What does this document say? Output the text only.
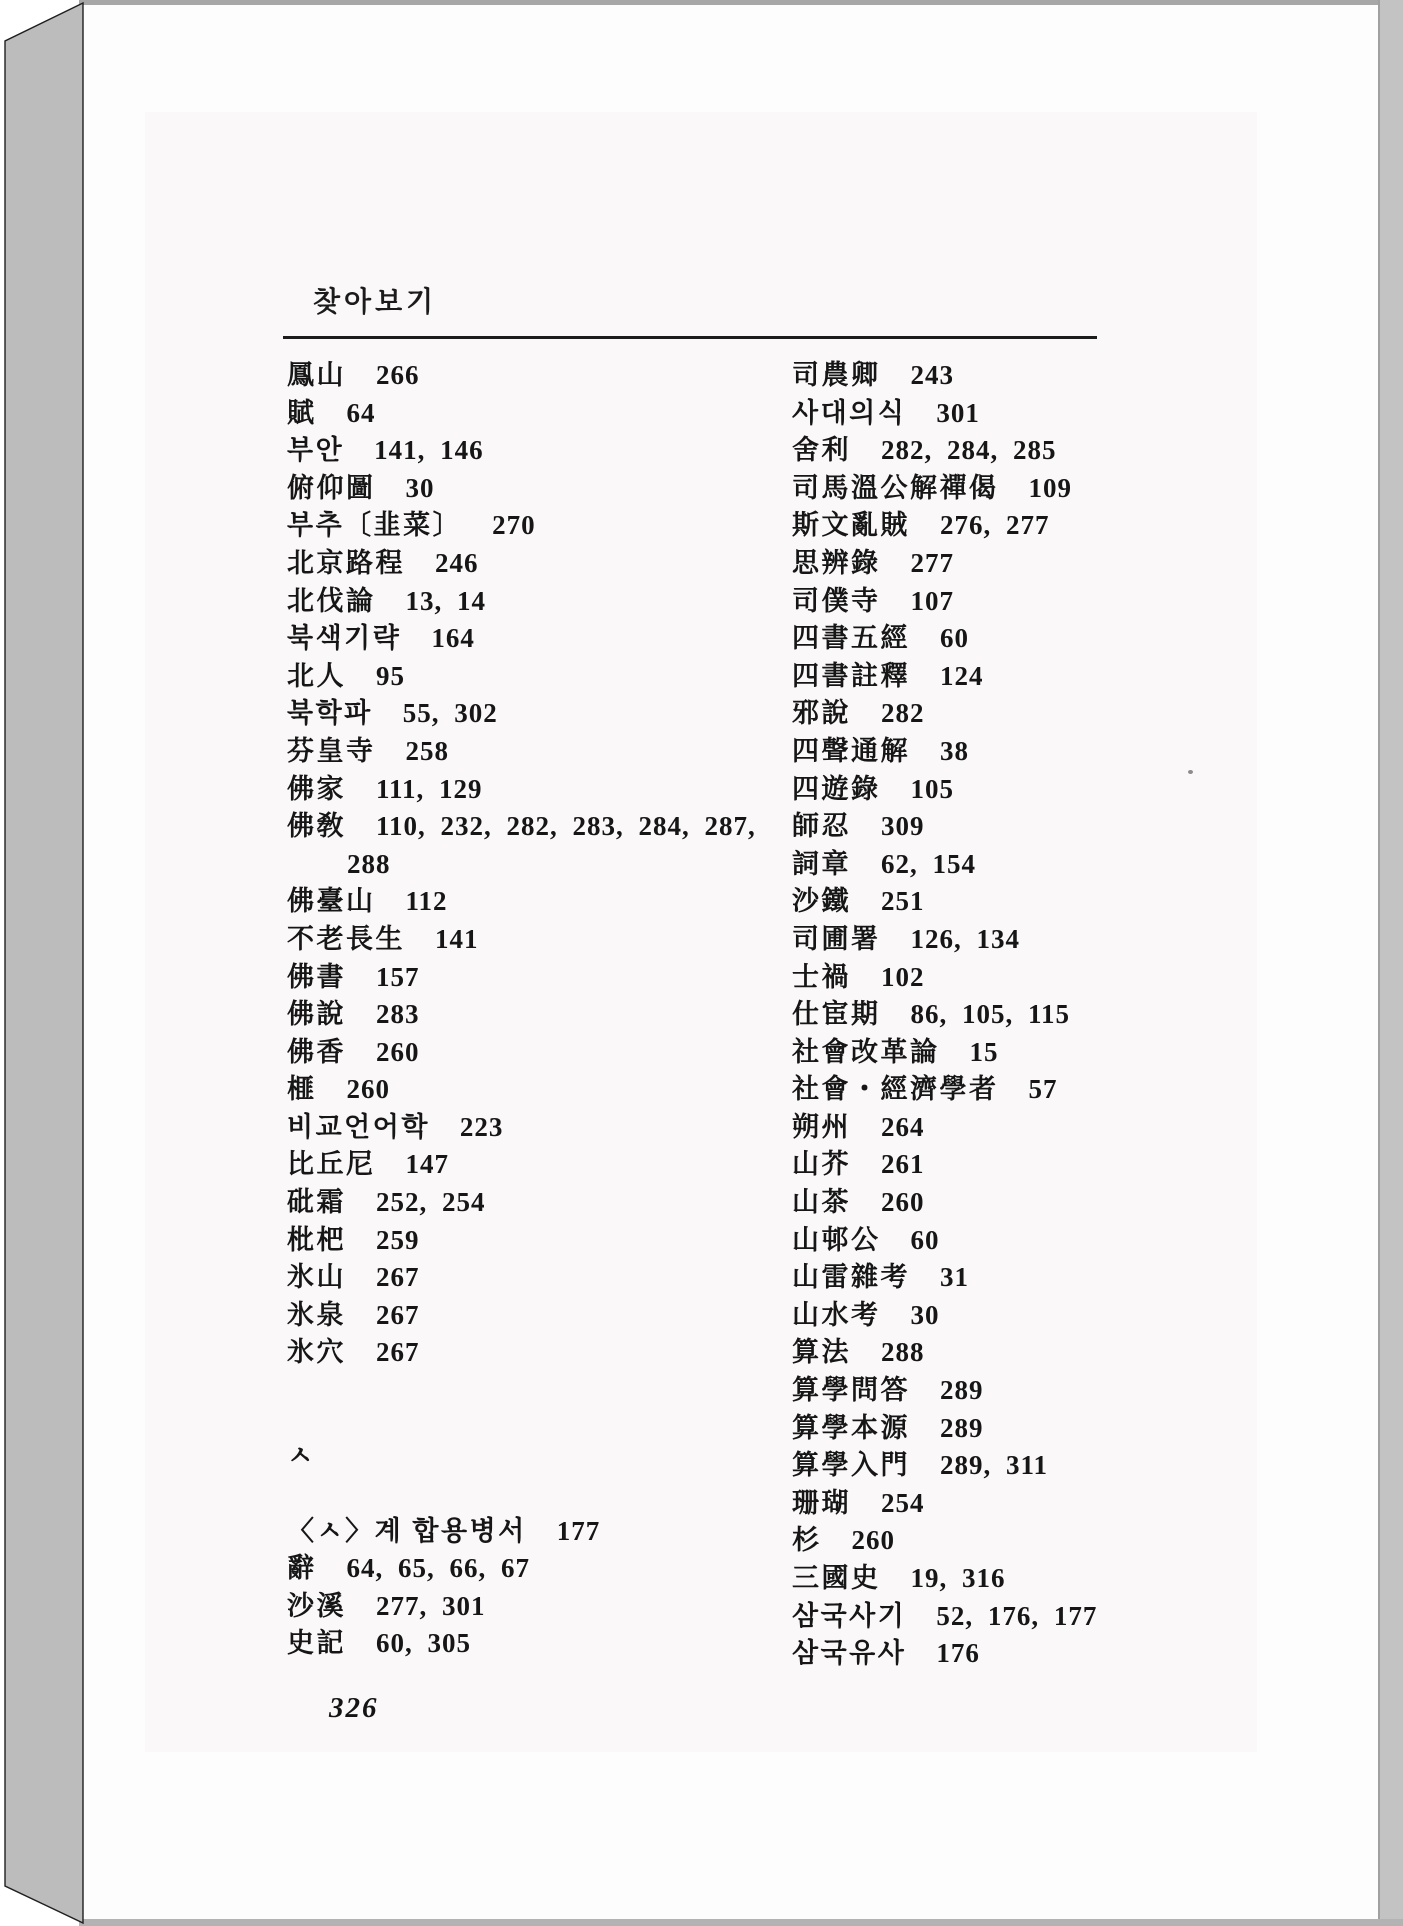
찾아보기
鳳山 266
賦 64
부안 141, 146
俯仰圖 30
부추〔韭菜〕 270
北京路程 246
北伐論 13, 14
북색기략 164
北人 95
북학파 55, 302
芬皇寺 258
佛家 111, 129
佛敎 110, 232, 282, 283, 284, 287,
288
佛臺山 112
不老長生 141
佛書 157
佛說 283
佛香 260
榧 260
비교언어학 223
比丘尼 147
砒霜 252, 254
枇杷 259
氷山 267
氷泉 267
氷穴 267
ㅅ
〈ㅅ〉계 합용병서 177
辭 64, 65, 66, 67
沙溪 277, 301
史記 60, 305
司農卿 243
사대의식 301
舍利 282, 284, 285
司馬溫公解禪偈 109
斯文亂賊 276, 277
思辨錄 277
司僕寺 107
四書五經 60
四書註釋 124
邪說 282
四聲通解 38
四遊錄 105
師忍 309
詞章 62, 154
沙鐵 251
司圃署 126, 134
士禍 102
仕宦期 86, 105, 115
社會改革論 15
社會・經濟學者 57
朔州 264
山芥 261
山茶 260
山邨公 60
山雷雜考 31
山水考 30
算法 288
算學問答 289
算學本源 289
算學入門 289, 311
珊瑚 254
杉 260
三國史 19, 316
삼국사기 52, 176, 177
삼국유사 176
326
